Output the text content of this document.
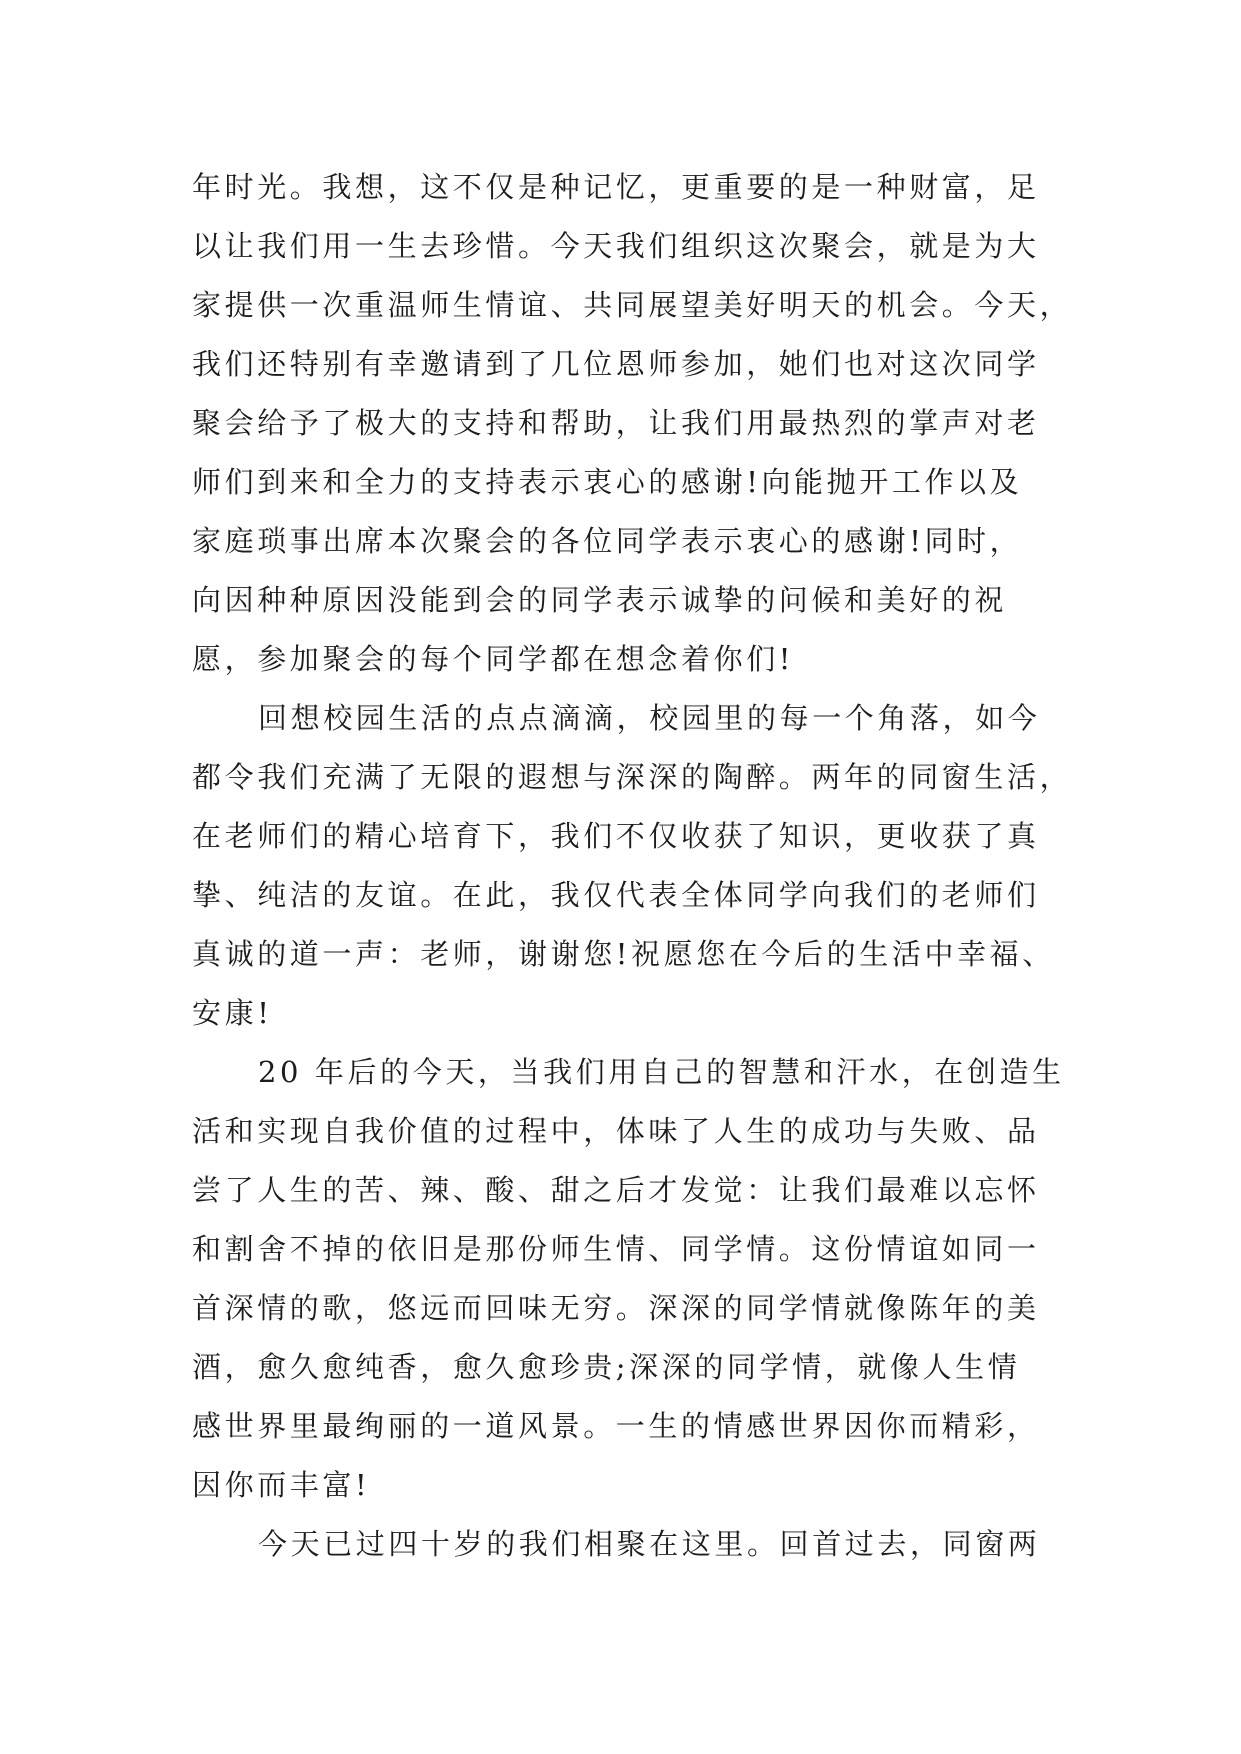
年时光。我想，这不仅是种记忆，更重要的是一种财富，足
以让我们用一生去珍惜。今天我们组织这次聚会，就是为大
家提供一次重温师生情谊、共同展望美好明天的机会。今天，
我们还特别有幸邀请到了几位恩师参加，她们也对这次同学
聚会给予了极大的支持和帮助，让我们用最热烈的掌声对老
师们到来和全力的支持表示衷心的感谢!向能抛开工作以及
家庭琐事出席本次聚会的各位同学表示衷心的感谢!同时，
向因种种原因没能到会的同学表示诚挚的问候和美好的祝
愿，参加聚会的每个同学都在想念着你们!
回想校园生活的点点滴滴，校园里的每一个角落，如今
都令我们充满了无限的遐想与深深的陶醉。两年的同窗生活，
在老师们的精心培育下，我们不仅收获了知识，更收获了真
挚、纯洁的友谊。在此，我仅代表全体同学向我们的老师们
真诚的道一声：老师，谢谢您!祝愿您在今后的生活中幸福、
安康!
20 年后的今天，当我们用自己的智慧和汗水，在创造生
活和实现自我价值的过程中，体味了人生的成功与失败、品
尝了人生的苦、辣、酸、甜之后才发觉：让我们最难以忘怀
和割舍不掉的依旧是那份师生情、同学情。这份情谊如同一
首深情的歌，悠远而回味无穷。深深的同学情就像陈年的美
酒，愈久愈纯香，愈久愈珍贵;深深的同学情，就像人生情
感世界里最绚丽的一道风景。一生的情感世界因你而精彩，
因你而丰富!
今天已过四十岁的我们相聚在这里。回首过去，同窗两
